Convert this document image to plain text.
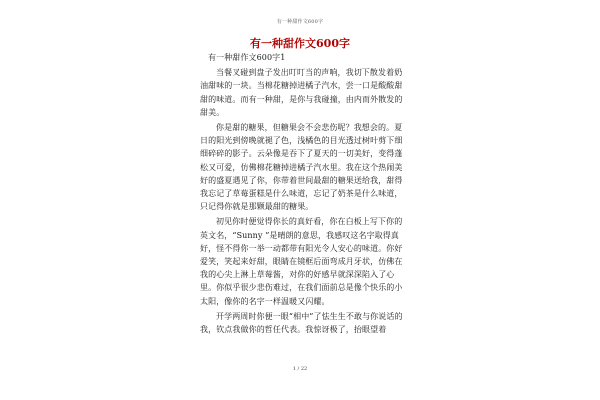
有一种甜作文600字
有一种甜作文600字

有一种甜作文600字1

当餐叉碰到盘子发出叮叮当的声响，我切下散发着奶油甜味的一块。当棉花糖掉进橘子汽水，尝一口是酸酸甜甜的味道。而有一种甜，是你与我碰撞，由内而外散发的甜美。

你是甜的糖果，但糖果会不会悲伤呢？我想会的。夏日的阳光到傍晚就褪了色，浅橘色的目光透过树叶剪下细细碎碎的影子。云朵像是吞下了夏天的一切美好，变得蓬松又可爱，仿佛棉花糖掉进橘子汽水里。我在这个热闹美好的盛夏遇见了你，你带着世间最甜的糖果送给我，甜得我忘记了草莓蛋糕是什么味道，忘记了奶茶是什么味道，只记得你就是那颗最甜的糖果。

初见你时便觉得你长的真好看，你在白板上写下你的英文名，“Sunny ”是晴朗的意思，我感叹这名字取得真好，怪不得你一举一动都带有阳光令人安心的味道。你好爱笑，笑起来好甜，眼睛在镜框后面弯成月牙状，仿佛在我的心尖上淋上草莓酱，对你的好感早就深深陷入了心里。你似乎很少悲伤难过，在我们面前总是像个快乐的小太阳，像你的名字一样温暖又闪耀。

开学两周时你便一眼“相中”了怯生生不敢与你说话的我，钦点我做你的哲任代表。我惊讶极了，抬眼望着

1 / 22
